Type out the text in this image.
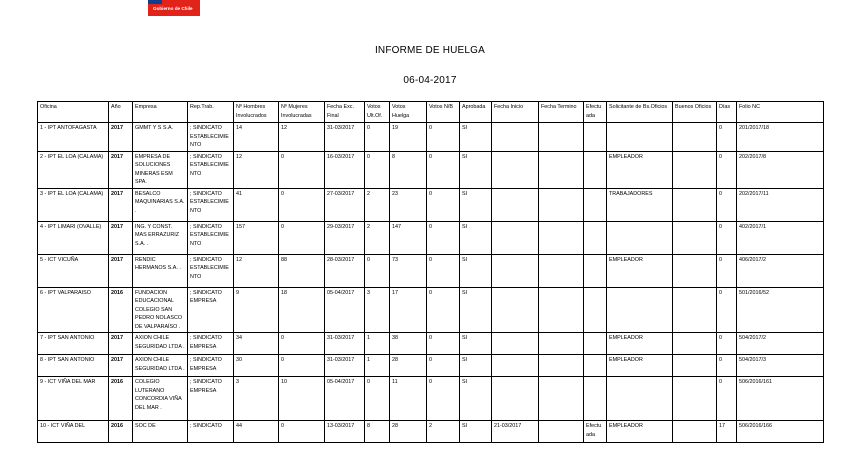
Gobierno de Chile
INFORME DE HUELGA
06-04-2017
Oficina	Año	Empresa	Rep.Trab.	Nº Hombres Involucrados	Nº Mujeres Involucradas	Fecha Exc. Final	Votos Ult.Of.	Votos Huelga	Votos N/B	Aprobada	Fecha Inicio	Fecha Termino	Efectuada	Solicitante de Bs.Oficios	Buenos Oficios	Días	Folio NC
1 - IPT ANTOFAGASTA	2017	GMMT Y S S.A.	; SINDICATO ESTABLECIMIENTO	14	12	31-03/2017	0	19	0	SI						0	201/2017/18
2 - IPT EL LOA (CALAMA)	2017	EMPRESA DE SOLUCIONES MINERAS ESM SPA.	; SINDICATO ESTABLECIMIENTO	12	0	16-03/2017	0	8	0	SI				EMPLEADOR		0	202/2017/8
3 - IPT EL LOA (CALAMA)	2017	BESALCO MAQUINARIAS S.A. .	; SINDICATO ESTABLECIMIENTO	41	0	27-03/2017	2	23	0	SI				TRABAJADORES		0	202/2017/11
4 - IPT LIMARI (OVALLE)	2017	ING. Y CONST. MAS ERRAZURIZ S.A. .	; SINDICATO ESTABLECIMIENTO	157	0	29-03/2017	2	147	0	SI						0	402/2017/1
5 - ICT VICUÑA	2017	RENDIC HERMANOS S.A. .	; SINDICATO ESTABLECIMIENTO	12	88	28-03/2017	0	73	0	SI				EMPLEADOR		0	406/2017/2
6 - IPT VALPARAISO	2016	FUNDACION EDUCACIONAL COLEGIO SAN PEDRO NOLASCO DE VALPARAÍSO .	; SINDICATO EMPRESA	9	18	05-04/2017	3	17	0	SI						0	501/2016/52
7 - IPT SAN ANTONIO	2017	AXION CHILE SEGURIDAD LTDA .	; SINDICATO EMPRESA	34	0	31-03/2017	1	38	0	SI				EMPLEADOR		0	504/2017/2
8 - IPT SAN ANTONIO	2017	AXION CHILE SEGURIDAD LTDA .	; SINDICATO EMPRESA	30	0	31-03/2017	1	28	0	SI				EMPLEADOR		0	504/2017/3
9 - ICT VIÑA DEL MAR	2016	COLEGIO LUTERANO CONCORDIA VIÑA DEL MAR .	; SINDICATO EMPRESA	3	10	05-04/2017	0	11	0	SI						0	506/2016/161
10 - ICT VIÑA DEL	2016	SOC DE	; SINDICATO	44	0	13-03/2017	8	28	2	SI	21-03/2017		Efectuada	EMPLEADOR		17	506/2016/166
